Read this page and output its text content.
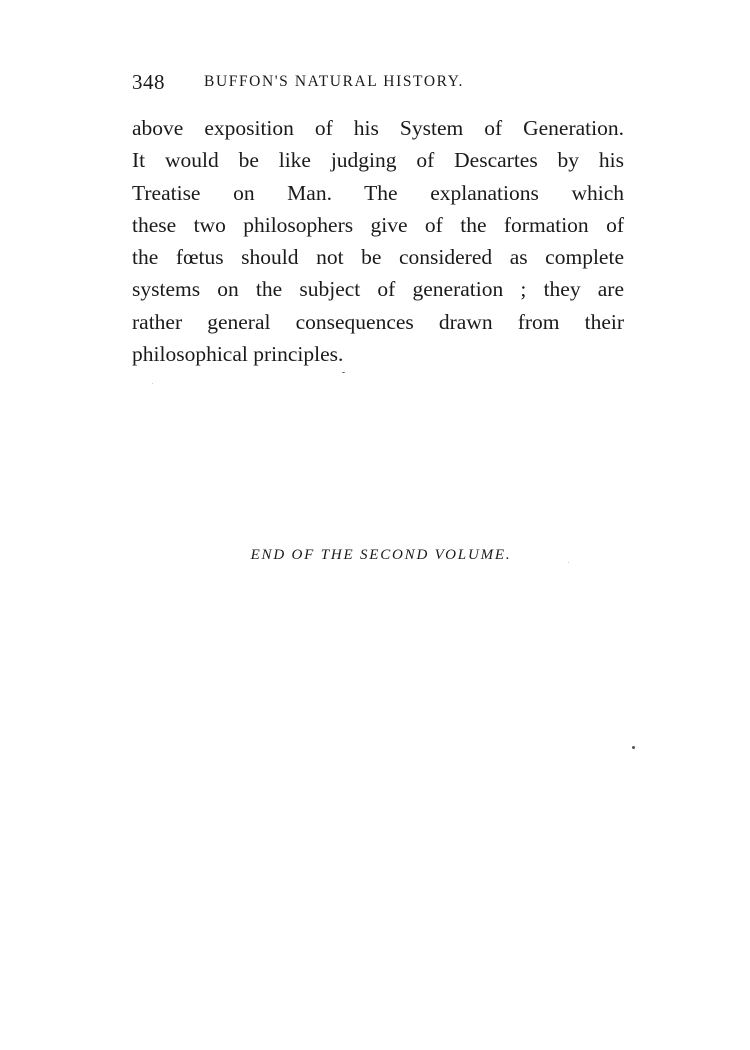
348	BUFFON'S NATURAL HISTORY.
above exposition of his System of Generation.
It would be like judging of Descartes by his
Treatise on Man. The explanations which
these two philosophers give of the formation of
the fœtus should not be considered as complete
systems on the subject of generation ; they are
rather general consequences drawn from their
philosophical principles.
END OF THE SECOND VOLUME.
